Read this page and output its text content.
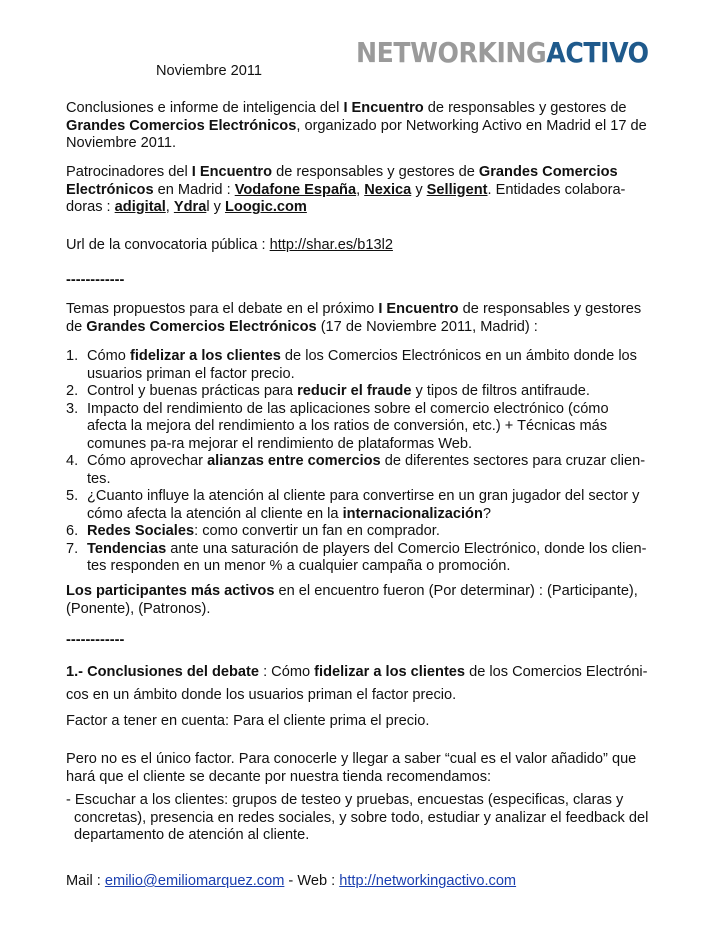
Noviembre 2011
NETWORKINGACTIVO
Conclusiones e informe de inteligencia del I Encuentro de responsables y gestores de Grandes Comercios Electrónicos, organizado por Networking Activo en Madrid el 17 de Noviembre 2011.
Patrocinadores del I Encuentro de responsables y gestores de Grandes Comercios Electrónicos en Madrid : Vodafone España, Nexica y Selligent. Entidades colabora-doras : adigital, Ydral y Loogic.com
Url de la convocatoria pública : http://shar.es/b13l2
------------
Temas propuestos para el debate en el próximo I Encuentro de responsables y gestores de Grandes Comercios Electrónicos (17 de Noviembre 2011, Madrid) :
1. Cómo fidelizar a los clientes de los Comercios Electrónicos en un ámbito donde los usuarios priman el factor precio.
2. Control y buenas prácticas para reducir el fraude y tipos de filtros antifraude.
3. Impacto del rendimiento de las aplicaciones sobre el comercio electrónico (cómo afecta la mejora del rendimiento a los ratios de conversión, etc.) + Técnicas más comunes pa-ra mejorar el rendimiento de plataformas Web.
4. Cómo aprovechar alianzas entre comercios de diferentes sectores para cruzar clien-tes.
5. ¿Cuanto influye la atención al cliente para convertirse en un gran jugador del sector y cómo afecta la atención al cliente en la internacionalización?
6. Redes Sociales: como convertir un fan en comprador.
7. Tendencias ante una saturación de players del Comercio Electrónico, donde los clien-tes responden en un menor % a cualquier campaña o promoción.
Los participantes más activos en el encuentro fueron (Por determinar) : (Participante), (Ponente), (Patronos).
------------
1.- Conclusiones del debate : Cómo fidelizar a los clientes de los Comercios Electróni-cos en un ámbito donde los usuarios priman el factor precio.
Factor a tener en cuenta: Para el cliente prima el precio.
Pero no es el único factor. Para conocerle y llegar a saber “cual es el valor añadido” que hará que el cliente se decante por nuestra tienda recomendamos:
- Escuchar a los clientes: grupos de testeo y pruebas, encuestas (especificas, claras y concretas), presencia en redes sociales, y sobre todo, estudiar y analizar el feedback del departamento de atención al cliente.
Mail : emilio@emiliomarquez.com - Web : http://networkingactivo.com
